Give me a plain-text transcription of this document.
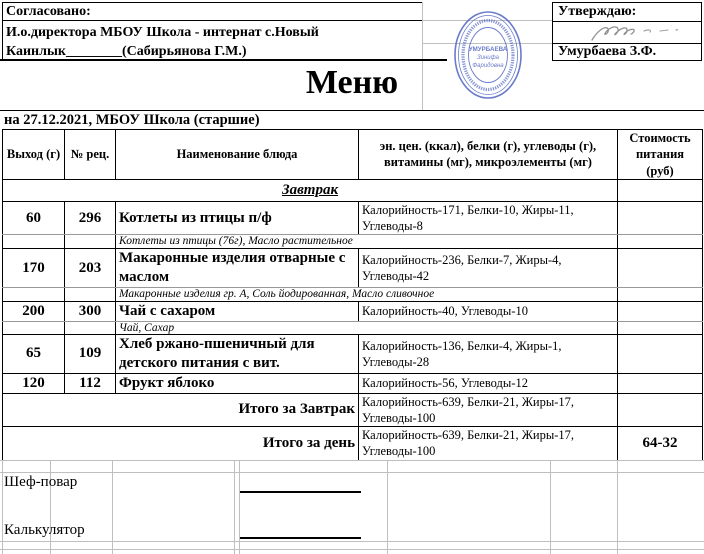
Согласовано:
И.о.директора МБОУ Школа - интернат с.Новый
Каинлык________(Сабирьянова Г.М.)
Утверждаю:
Умурбаева З.Ф.
Меню
на 27.12.2021, МБОУ Школа (старшие)
Выход (г)	№ рец.	Наименование блюда	эн. цен. (ккал), белки (г), углеводы (г), витамины (мг), микроэлементы (мг)	Стоимость питания (руб)
Завтрак				
60	296	Котлеты из птицы п/ф	Калорийность-171, Белки-10, Жиры-11, Углеводы-8	
		Котлеты из птицы (76г), Масло растительное		
170	203	Макаронные изделия отварные с маслом	Калорийность-236, Белки-7, Жиры-4, Углеводы-42	
		Макаронные изделия гр. А, Соль йодированная, Масло сливочное		
200	300	Чай с сахаром	Калорийность-40, Углеводы-10	
		Чай, Сахар		
65	109	Хлеб ржано-пшеничный для детского питания с вит.	Калорийность-136, Белки-4, Жиры-1, Углеводы-28	
120	112	Фрукт яблоко	Калорийность-56, Углеводы-12	
Итого за Завтрак			Калорийность-639, Белки-21, Жиры-17, Углеводы-100	
Итого за день			Калорийность-639, Белки-21, Жиры-17, Углеводы-100	64-32
Шеф-повар
Калькулятор
УМУРБАЕВА
Зинифа
Фаридовна
